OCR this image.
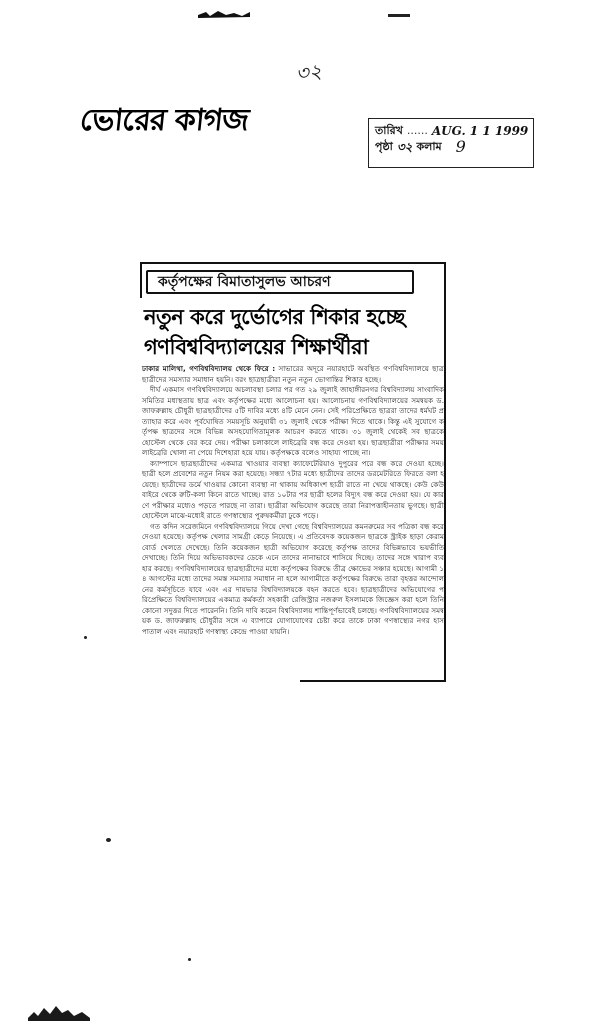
৩২
ভোরের কাগজ	তারিখ ...... AUG. 1 1 1999
পৃষ্ঠা ৩২ কলাম 9
কর্তৃপক্ষের বিমাতাসুলভ আচরণ
নতুন করে দুর্ভোগের শিকার হচ্ছে
গণবিশ্ববিদ্যালয়ের শিক্ষার্থীরা

ঢাকার মালিথা, গণবিশ্ববিদ্যালয় থেকে ফিরে : সাভারের অদূরে নয়ারহাটে অবস্থিত গণবিশ্ববিদ্যালয়ে ছাত্রছাত্রীদের সমস্যার সমাধান হয়নি। বরং ছাত্রছাত্রীরা নতুন নতুন ভোগান্তির শিকার হচ্ছে।

দীর্ঘ একমাস গণবিশ্ববিদ্যালয়ে অচলাবস্থা চলার পর গত ২৯ জুলাই জাহাঙ্গীরনগর বিশ্ববিদ্যালয় সাংবাদিক সমিতির মধ্যস্থতায় ছাত্র এবং কর্তৃপক্ষের মধ্যে আলোচনা হয়। আলোচনায় গণবিশ্ববিদ্যালয়ের সমন্বয়ক ড. জাফরুল্লাহ চৌধুরী ছাত্রছাত্রীদের ৫টি দাবির মধ্যে ৪টি মেনে নেন। সেই পরিপ্রেক্ষিতে ছাত্ররা তাদের ধর্মঘট প্রত্যাহার করে এবং পূর্বঘোষিত সময়সূচি অনুযায়ী ৩১ জুলাই থেকে পরীক্ষা দিতে থাকে। কিন্তু এই সুযোগে কর্তৃপক্ষ ছাত্রদের সঙ্গে বিভিন্ন অসহযোগিতামূলক আচরণ করতে থাকে। ৩১ জুলাই থেকেই সব ছাত্রকে হোস্টেল থেকে বের করে দেয়। পরীক্ষা চলাকালে লাইব্রেরি বন্ধ করে দেওয়া হয়। ছাত্রছাত্রীরা পরীক্ষার সময় লাইব্রেরি খোলা না পেয়ে দিশেহারা হয়ে যায়। কর্তৃপক্ষকে বলেও সাহায্য পাচ্ছে না।

ক্যাম্পাসে ছাত্রছাত্রীদের একমাত্র খাওয়ার ব্যবস্থা ক্যাফেটেরিয়াও দুপুরের পরে বন্ধ করে দেওয়া হচ্ছে। ছাত্রী হলে প্রবেশের নতুন নিয়ম করা হয়েছে। সন্ধ্যা ৭টার মধ্যে ছাত্রীদের তাদের ডরমেটরিতে ফিরতে বলা হয়েছে। ছাত্রীদের ডর্মে খাওয়ার কোনো ব্যবস্থা না থাকায় অধিকাংশ ছাত্রী রাতে না খেয়ে থাকছে। কেউ কেউ বাইরে থেকে রুটি-কলা কিনে রাতে খাচ্ছে। রাত ১০টার পর ছাত্রী হলের বিদ্যুৎ বন্ধ করে দেওয়া হয়। যে কারণে পরীক্ষার মধ্যেও পড়তে পারছে না তারা। ছাত্রীরা অভিযোগ করেছে তারা নিরাপত্তাহীনতায় ভুগছে। ছাত্রী হোস্টেলে মাঝে-মধ্যেই রাতে গণস্বাস্থ্যের পুরুষকর্মীরা ঢুকে পড়ে।

গত কদিন সরেজমিনে গণবিশ্ববিদ্যালয়ে গিয়ে দেখা গেছে বিশ্ববিদ্যালয়ের কমনরুমের সব পত্রিকা বন্ধ করে দেওয়া হয়েছে। কর্তৃপক্ষ খেলার সামগ্রী কেড়ে নিয়েছে। এ প্রতিবেদক কয়েকজন ছাত্রকে স্ট্রাইক ছাড়া কেরাম বোর্ড খেলতে দেখেছে। তিনি কয়েকজন ছাত্রী অভিযোগ করেছে কর্তৃপক্ষ তাদের বিভিন্নভাবে ভয়ভীতি দেখাচ্ছে। তিনি দিয়ে অভিভাবকদের ডেকে এনে তাদের নানাভাবে শাসিয়ে দিচ্ছে। তাদের সঙ্গে খারাপ ব্যবহার করছে। গণবিশ্ববিদ্যালয়ের ছাত্রছাত্রীদের মধ্যে কর্তৃপক্ষের বিরুদ্ধে তীব্র ক্ষোভের সঞ্চার হয়েছে। আগামী ১৪ আগস্টের মধ্যে তাদের সমস্ত সমস্যার সমাধান না হলে আগামীতে কর্তৃপক্ষের বিরুদ্ধে তারা বৃহত্তর আন্দোলনের কর্মসূচিতে যাবে এবং এর দায়ভার বিশ্ববিদ্যালয়কে বহন করতে হবে। ছাত্রছাত্রীদের অভিযোগের পরিপ্রেক্ষিতে বিশ্ববিদ্যালয়ের একমাত্র কর্মকর্তা সহকারী রেজিস্ট্রার নজরুল ইসলামকে জিজ্ঞেস করা হলে তিনি কোনো সদুত্তর দিতে পারেননি। তিনি দাবি করেন বিশ্ববিদ্যালয় শান্তিপূর্ণভাবেই চলছে। গণবিশ্ববিদ্যালয়ের সমন্বয়ক ড. জাফরুল্লাহ চৌধুরীর সঙ্গে এ ব্যাপারে যোগাযোগের চেষ্টা করে তাকে ঢাকা গণস্বাস্থ্যের নগর হাসপাতাল এবং নয়ারহাট গণস্বাস্থ্য কেন্দ্রে পাওয়া যায়নি।
